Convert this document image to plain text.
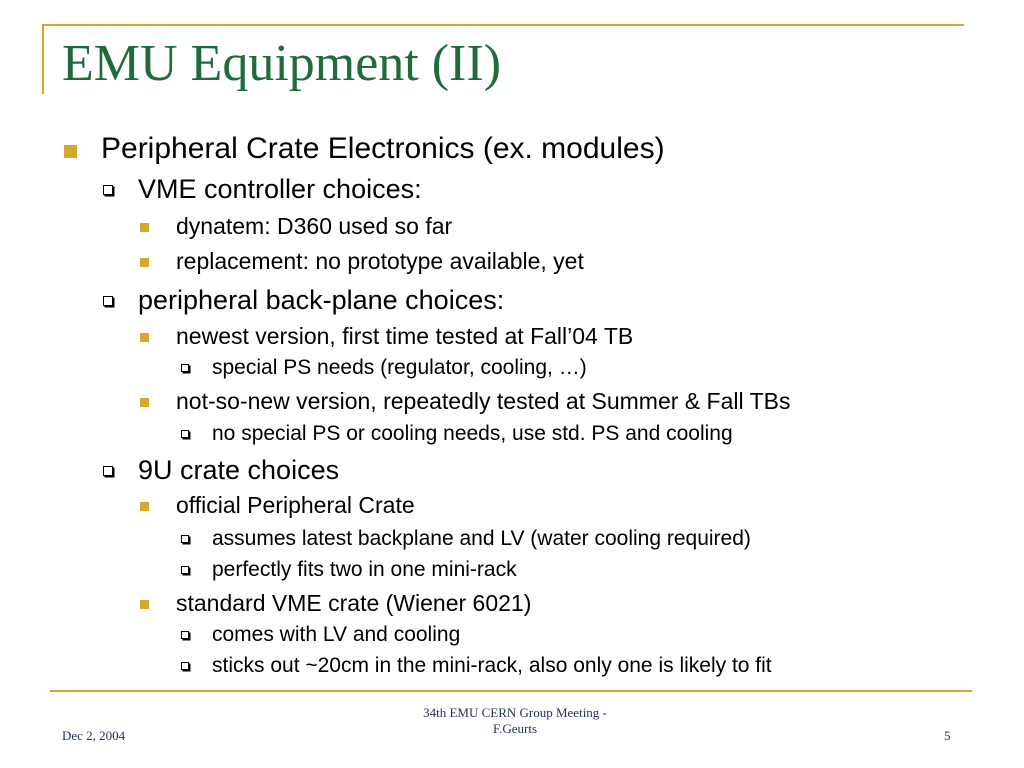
EMU Equipment (II)
Peripheral Crate Electronics (ex. modules)
VME controller choices:
dynatem: D360 used so far
replacement: no prototype available, yet
peripheral back-plane choices:
newest version, first time tested at Fall’04 TB
special PS needs (regulator, cooling, …)
not-so-new version, repeatedly tested at Summer & Fall TBs
no special PS or cooling needs, use std. PS and cooling
9U crate choices
official Peripheral Crate
assumes latest backplane and LV (water cooling required)
perfectly fits two in one mini-rack
standard VME crate (Wiener 6021)
comes with LV and cooling
sticks out ~20cm in the mini-rack, also only one is likely to fit
Dec 2, 2004
34th EMU CERN Group Meeting -
F.Geurts	5
